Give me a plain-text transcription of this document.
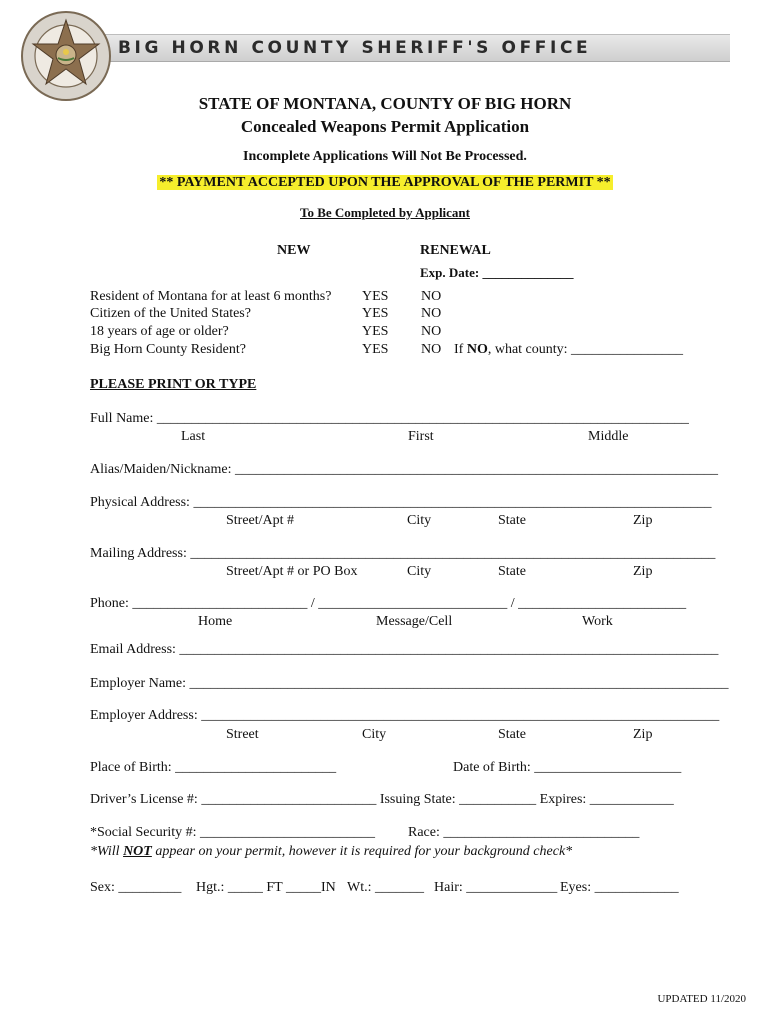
BIG HORN COUNTY SHERIFF'S OFFICE
STATE OF MONTANA, COUNTY OF BIG HORN
Concealed Weapons Permit Application
Incomplete Applications Will Not Be Processed.
** PAYMENT ACCEPTED UPON THE APPROVAL OF THE PERMIT **
To Be Completed by Applicant
NEW	RENEWAL
Exp. Date: ______________
Resident of Montana for at least 6 months? YES NO
Citizen of the United States?	YES NO
18 years of age or older?	YES NO
Big Horn County Resident?	YES NO If NO, what county: ________________
PLEASE PRINT OR TYPE
Full Name: ____________________________________________________________________________
Last	First	Middle
Alias/Maiden/Nickname: _____________________________________________________________________
Physical Address: __________________________________________________________________________
Street/Apt #	City	State	Zip
Mailing Address: ___________________________________________________________________________
Street/Apt # or PO Box	City	State	Zip
Phone: _________________________ / ___________________________ / ________________________
Home	Message/Cell	Work
Email Address: _____________________________________________________________________________
Employer Name: _____________________________________________________________________________
Employer Address: __________________________________________________________________________
Street	City	State	Zip
Place of Birth: _______________________	Date of Birth: _____________________
Driver’s License #: _________________________ Issuing State: ___________ Expires: ____________
*Social Security #: _________________________ Race: ____________________________
*Will NOT appear on your permit, however it is required for your background check*
Sex: _________ Hgt.: _____ FT _____IN Wt.: _______ Hair: _____________ Eyes: ____________
UPDATED 11/2020
